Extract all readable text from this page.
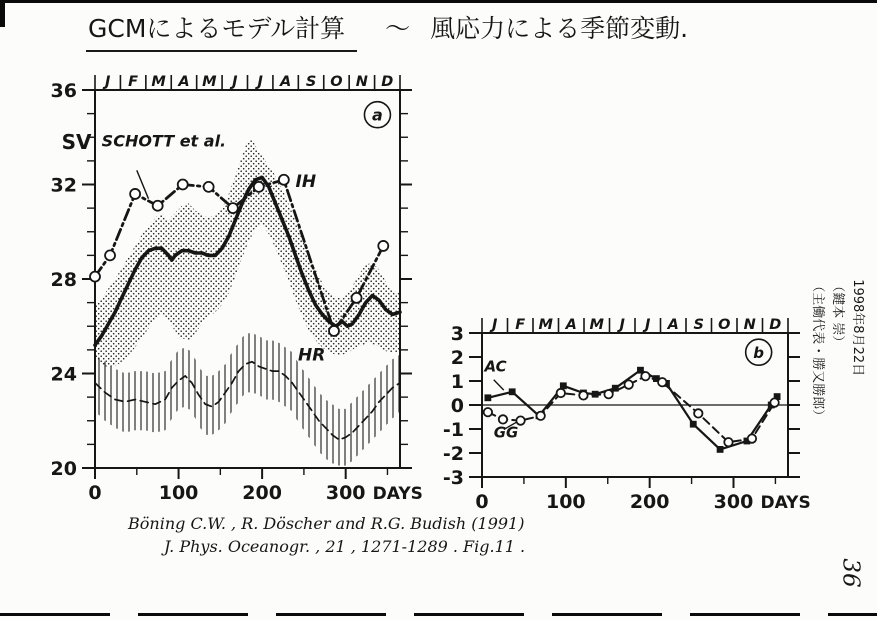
GCMによるモデル計算 〜 風応力による季節変動.
J F M A M J J A S O N D
20
24
28
32
36
0	100 200 300 DAYS
SCHOTT et al.
IH
HR
SV
a
J F M A M J J A S O N D
-3
-2
-1
0
1
2
3
0	100 200 300 DAYS
AC
GG
b
Böning C.W. , R. Döscher and R.G. Budish (1991)
J. Phys. Oceanogr. , 21 , 1271-1289 . Fig.11 .
1998年8月22日
（鍵本 崇）
（主働代表・勝又勝郎）
36
